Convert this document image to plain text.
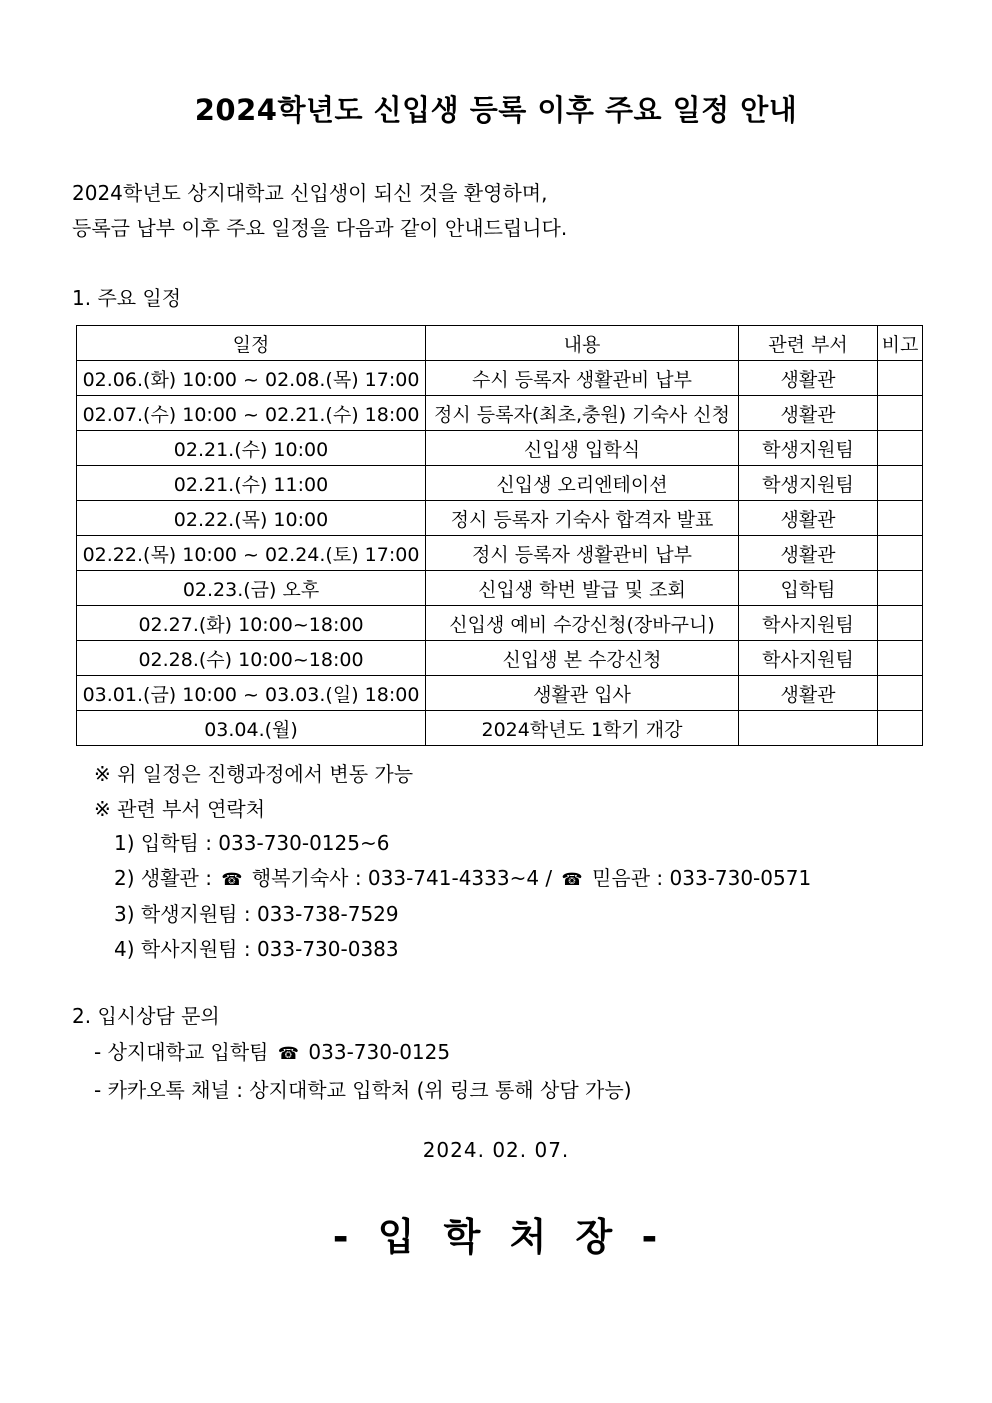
2024학년도 신입생 등록 이후 주요 일정 안내
2024학년도 상지대학교 신입생이 되신 것을 환영하며,
등록금 납부 이후 주요 일정을 다음과 같이 안내드립니다.
1. 주요 일정
일정	내용	관련 부서	비고
02.06.(화) 10:00 ~ 02.08.(목) 17:00	수시 등록자 생활관비 납부	생활관	
02.07.(수) 10:00 ~ 02.21.(수) 18:00	정시 등록자(최초,충원) 기숙사 신청	생활관	
02.21.(수) 10:00	신입생 입학식	학생지원팀	
02.21.(수) 11:00	신입생 오리엔테이션	학생지원팀	
02.22.(목) 10:00	정시 등록자 기숙사 합격자 발표	생활관	
02.22.(목) 10:00 ~ 02.24.(토) 17:00	정시 등록자 생활관비 납부	생활관	
02.23.(금) 오후	신입생 학번 발급 및 조회	입학팀	
02.27.(화) 10:00~18:00	신입생 예비 수강신청(장바구니)	학사지원팀	
02.28.(수) 10:00~18:00	신입생 본 수강신청	학사지원팀	
03.01.(금) 10:00 ~ 03.03.(일) 18:00	생활관 입사	생활관	
03.04.(월)	2024학년도 1학기 개강		
※ 위 일정은 진행과정에서 변동 가능
※ 관련 부서 연락처
1) 입학팀 : 033-730-0125~6
2) 생활관 : ☎ 행복기숙사 : 033-741-4333~4 / ☎ 믿음관 : 033-730-0571
3) 학생지원팀 : 033-738-7529
4) 학사지원팀 : 033-730-0383
2. 입시상담 문의
- 상지대학교 입학팀 ☎ 033-730-0125
- 카카오톡 채널 : 상지대학교 입학처 (위 링크 통해 상담 가능)
2024. 02. 07.
- 입 학 처 장 -
